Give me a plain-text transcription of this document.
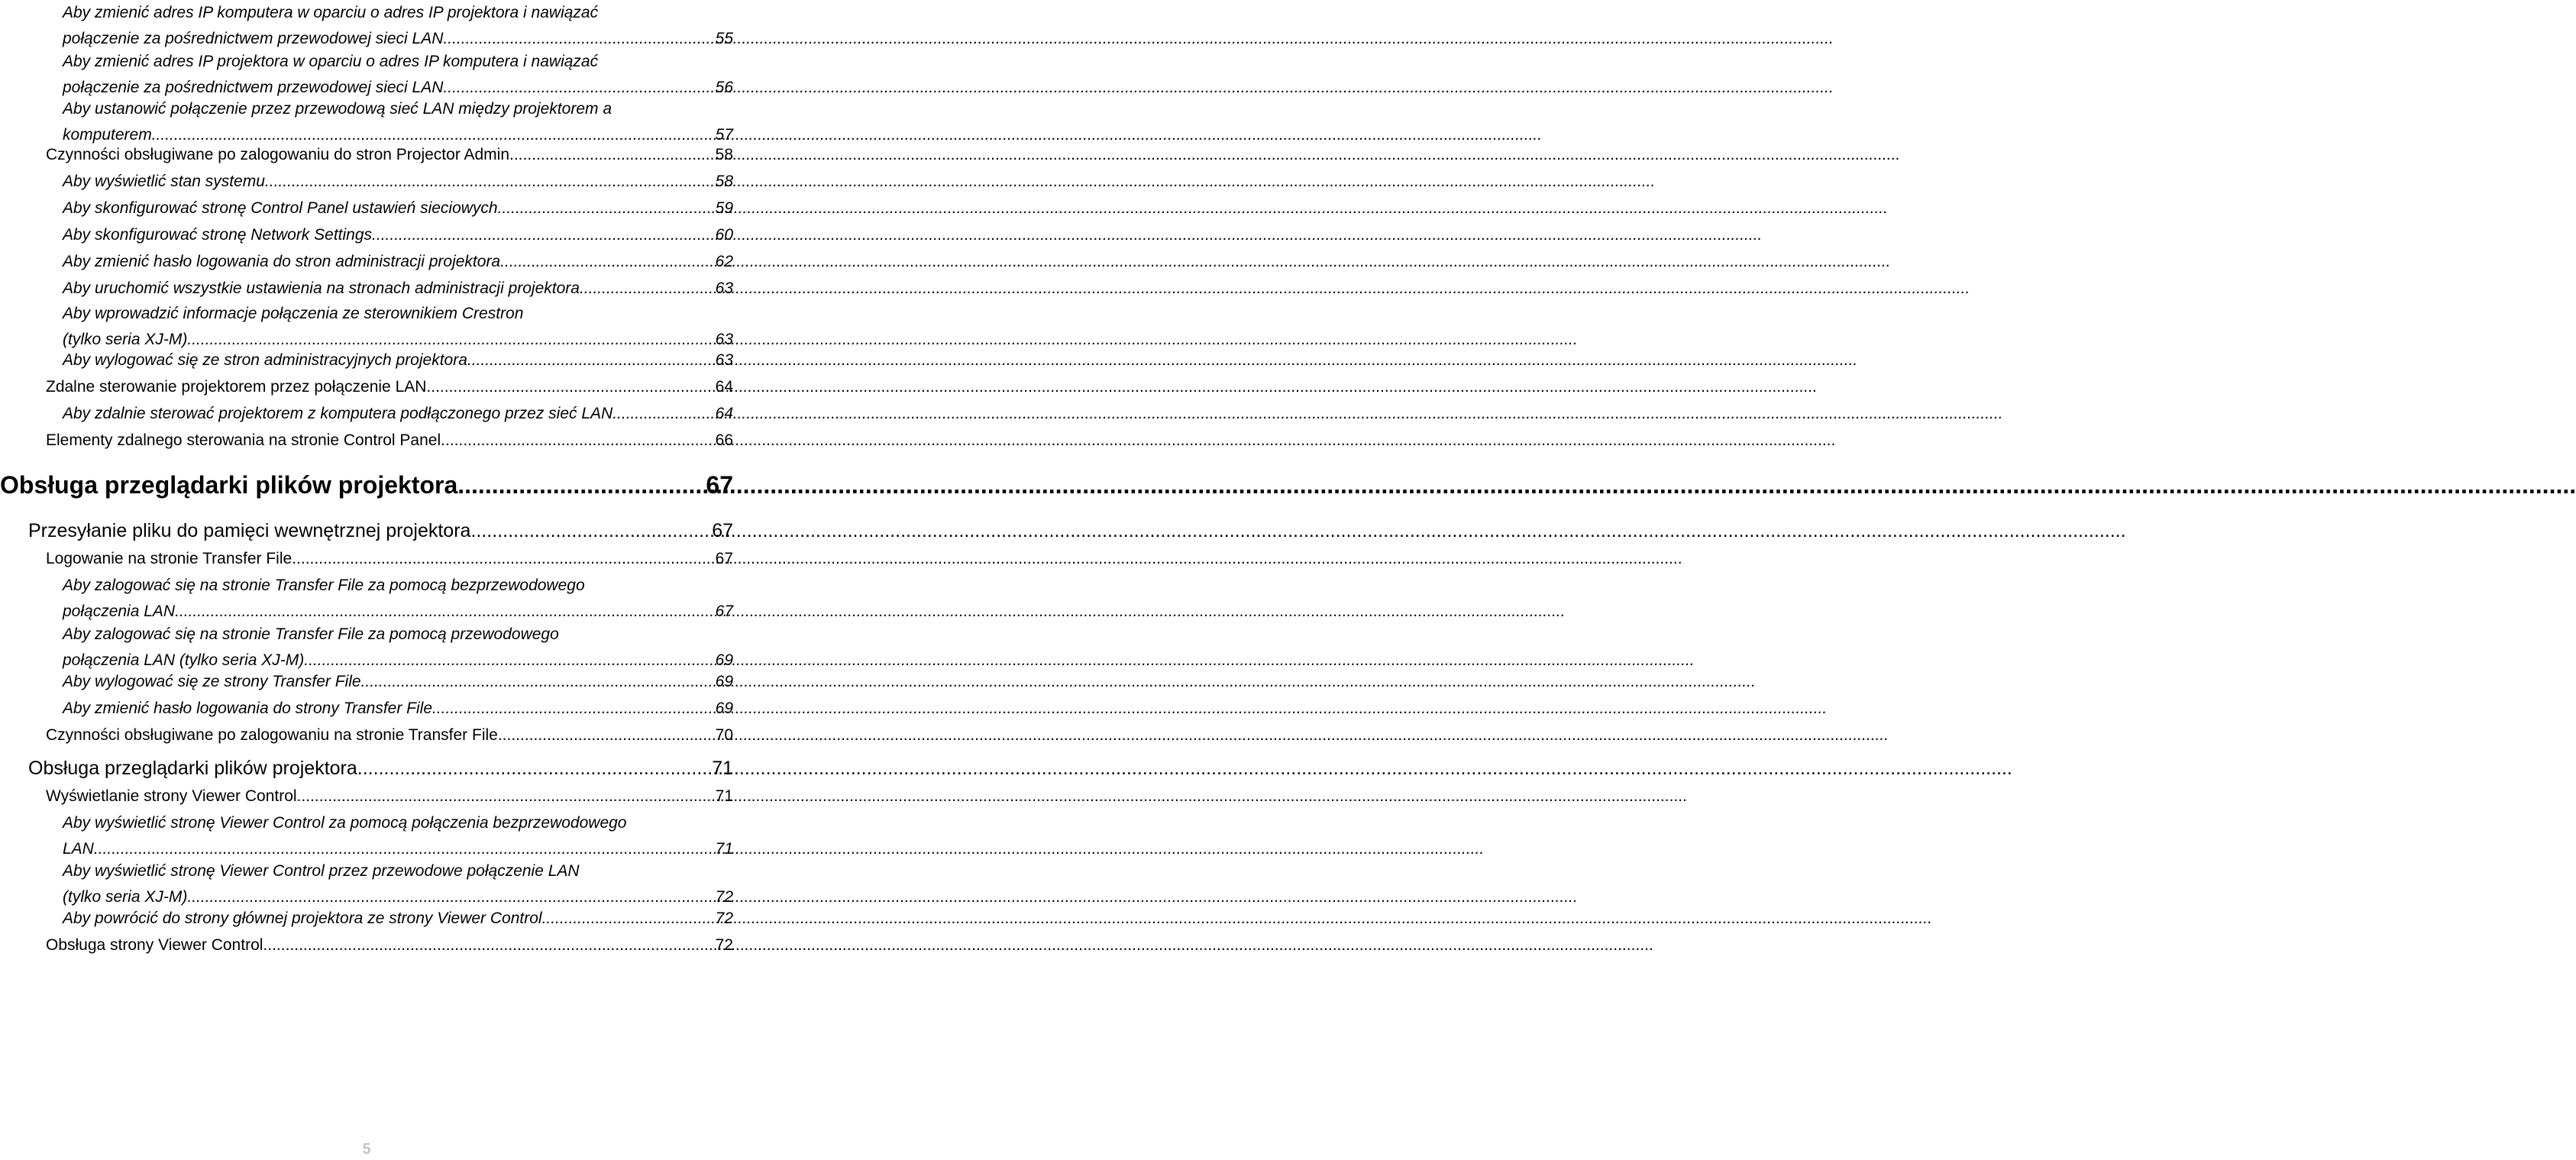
Aby zmienić adres IP komputera w oparciu o adres IP projektora i nawiązać
połączenie za pośrednictwem przewodowej sieci LAN .....	55
Aby zmienić adres IP projektora w oparciu o adres IP komputera i nawiązać
połączenie za pośrednictwem przewodowej sieci LAN .....	56
Aby ustanowić połączenie przez przewodową sieć LAN między projektorem a
komputerem .....	57
Czynności obsługiwane po zalogowaniu do stron Projector Admin .....	58
Aby wyświetlić stan systemu .....	58
Aby skonfigurować stronę Control Panel ustawień sieciowych .....	59
Aby skonfigurować stronę Network Settings .....	60
Aby zmienić hasło logowania do stron administracji projektora .....	62
Aby uruchomić wszystkie ustawienia na stronach administracji projektora .....	63
Aby wprowadzić informacje połączenia ze sterownikiem Crestron
(tylko seria XJ-M) .....	63
Aby wylogować się ze stron administracyjnych projektora .....	63
Zdalne sterowanie projektorem przez połączenie LAN .....	64
Aby zdalnie sterować projektorem z komputera podłączonego przez sieć LAN .....	64
Elementy zdalnego sterowania na stronie Control Panel. .....	66
Obsługa przeglądarki plików projektora .....	67
Przesyłanie pliku do pamięci wewnętrznej projektora .....	67
Logowanie na stronie Transfer File .....	67
Aby zalogować się na stronie Transfer File za pomocą bezprzewodowego
połączenia LAN .....	67
Aby zalogować się na stronie Transfer File za pomocą przewodowego
połączenia LAN (tylko seria XJ-M) .....	69
Aby wylogować się ze strony Transfer File. .....	69
Aby zmienić hasło logowania do strony Transfer File. .....	69
Czynności obsługiwane po zalogowaniu na stronie Transfer File .....	70
Obsługa przeglądarki plików projektora .....	71
Wyświetlanie strony Viewer Control .....	71
Aby wyświetlić stronę Viewer Control za pomocą połączenia bezprzewodowego
LAN .....	71
Aby wyświetlić stronę Viewer Control przez przewodowe połączenie LAN
(tylko seria XJ-M) .....	72
Aby powrócić do strony głównej projektora ze strony Viewer Control .....	72
Obsługa strony Viewer Control .....	72
5
